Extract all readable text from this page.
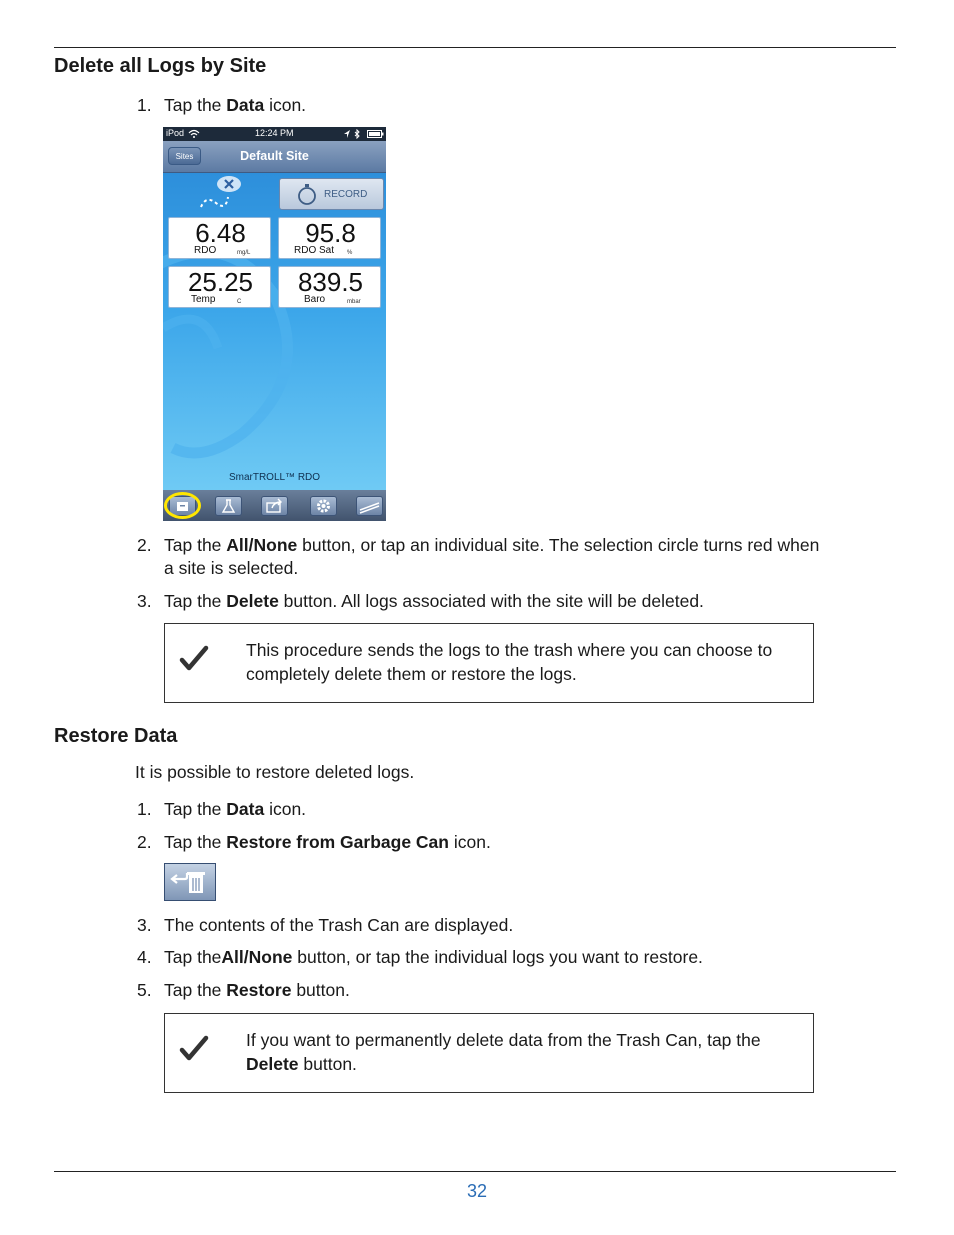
Delete all Logs by Site
1. Tap the Data icon.
iPod	12:24 PM
Sites	Default Site
RECORD
6.48
RDO	mg/L
95.8
RDO Sat %
25.25
Temp	C
839.5
Baro	mbar
SmarTROLL™ RDO
2. Tap the All/None button, or tap an individual site. The selection circle turns red when a site is selected.
3. Tap the Delete button. All logs associated with the site will be deleted.
This procedure sends the logs to the trash where you can choose to completely delete them or restore the logs.
Restore Data
It is possible to restore deleted logs.
1. Tap the Data icon.
2. Tap the Restore from Garbage Can icon.
3. The contents of the Trash Can are displayed.
4. Tap theAll/None button, or tap the individual logs you want to restore.
5. Tap the Restore button.
If you want to permanently delete data from the Trash Can, tap the Delete button.
32
